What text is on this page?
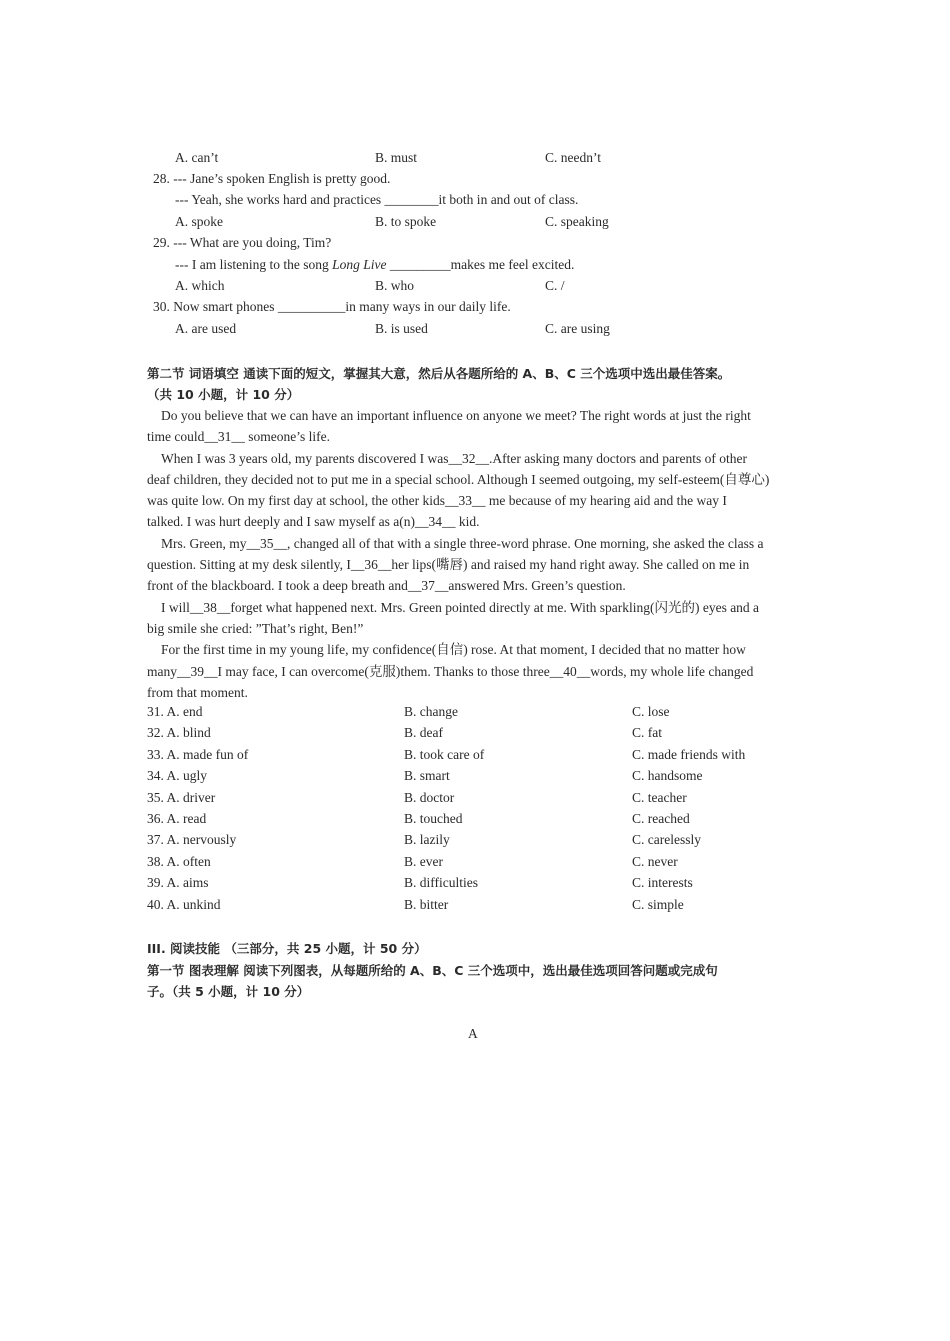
A. can’t	B. must	C. needn’t
28. --- Jane’s spoken English is pretty good.
--- Yeah, she works hard and practices ________it both in and out of class.
A. spoke	B. to spoke	C. speaking
29. --- What are you doing, Tim?
--- I am listening to the song Long Live _________makes me feel excited.
A. which	B. who	C. /
30. Now smart phones __________in many ways in our daily life.
A. are used	B. is used	C. are using
第二节 词语填空 通读下面的短文，掌握其大意，然后从各题所给的 A、B、C 三个选项中选出最佳答案。
（共 10 小题，计 10 分）
Do you believe that we can have an important influence on anyone we meet? The right words at just the right
time could__31__ someone’s life.
When I was 3 years old, my parents discovered I was__32__.After asking many doctors and parents of other
deaf children, they decided not to put me in a special school. Although I seemed outgoing, my self-esteem(自尊心)
was quite low. On my first day at school, the other kids__33__ me because of my hearing aid and the way I
talked. I was hurt deeply and I saw myself as a(n)__34__ kid.
Mrs. Green, my__35__, changed all of that with a single three-word phrase. One morning, she asked the class a
question. Sitting at my desk silently, I__36__her lips(嘴唇) and raised my hand right away. She called on me in
front of the blackboard. I took a deep breath and__37__answered Mrs. Green’s question.
I will__38__forget what happened next. Mrs. Green pointed directly at me. With sparkling(闪光的) eyes and a
big smile she cried: ”That’s right, Ben!”
For the first time in my young life, my confidence(自信) rose. At that moment, I decided that no matter how
many__39__I may face, I can overcome(克服)them. Thanks to those three__40__words, my whole life changed
from that moment.
31. A. end	B. change	C. lose
32. A. blind	B. deaf	C. fat
33. A. made fun of	B. took care of	C. made friends with
34. A. ugly	B. smart	C. handsome
35. A. driver	B. doctor	C. teacher
36. A. read	B. touched	C. reached
37. A. nervously	B. lazily	C. carelessly
38. A. often	B. ever	C. never
39. A. aims	B. difficulties	C. interests
40. A. unkind	B. bitter	C. simple
III. 阅读技能 （三部分，共 25 小题，计 50 分）
第一节 图表理解 阅读下列图表，从每题所给的 A、B、C 三个选项中，选出最佳选项回答问题或完成句
子。（共 5 小题，计 10 分）
A
